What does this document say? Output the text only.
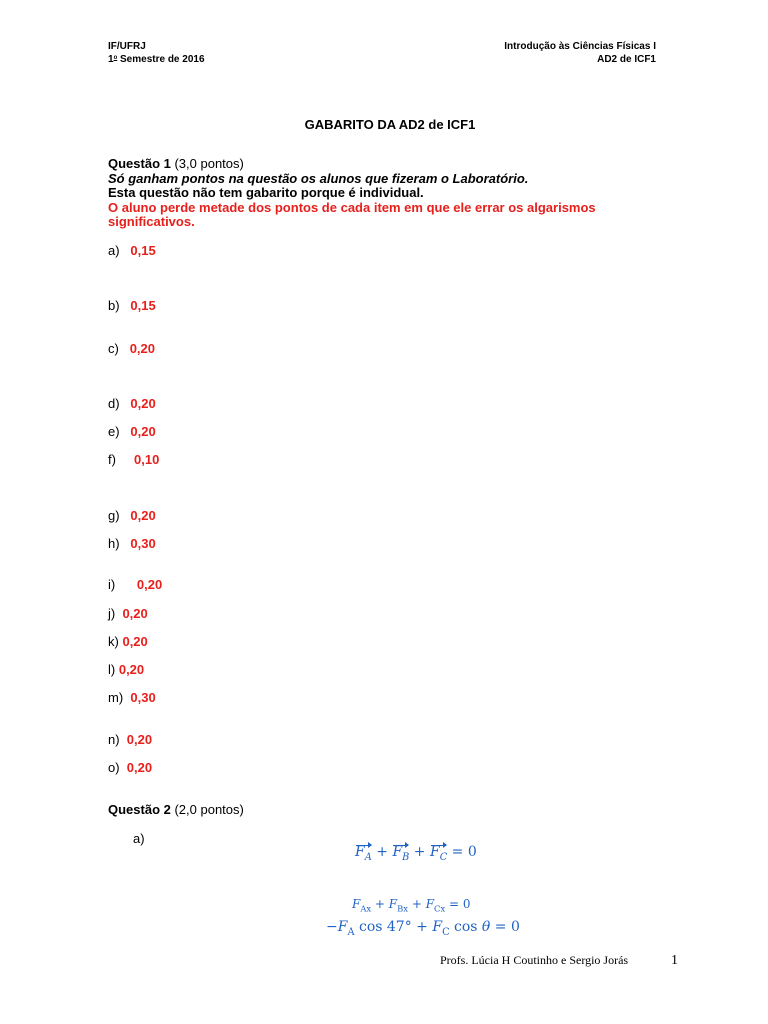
IF/UFRJ
1$^o$ Semestre de 2016
Introdução às Ciências Físicas I
AD2 de ICF1
GABARITO DA AD2 de ICF1
Questão 1 (3,0 pontos)
Só ganham pontos na questão os alunos que fizeram o Laboratório.
Esta questão não tem gabarito porque é individual.
O aluno perde metade dos pontos de cada item em que ele errar os algarismos significativos.
a) 0,15
b) 0,15
c) 0,20
d) 0,20
e) 0,20
f) 0,10
g) 0,20
h) 0,30
i) 0,20
j) 0,20
k) 0,20
l) 0,20
m) 0,30
n) 0,20
o) 0,20
Questão 2 (2,0 pontos)
a)
$F_A + F_B + F_C = 0$
$F_{Ax} + F_{Bx} + F_{Cx} = 0$
$-F_A$ $\cos 47^\circ + F_C$ cos θ = 0
Profs. Lúcia H Coutinho e Sergio Jorás	1
